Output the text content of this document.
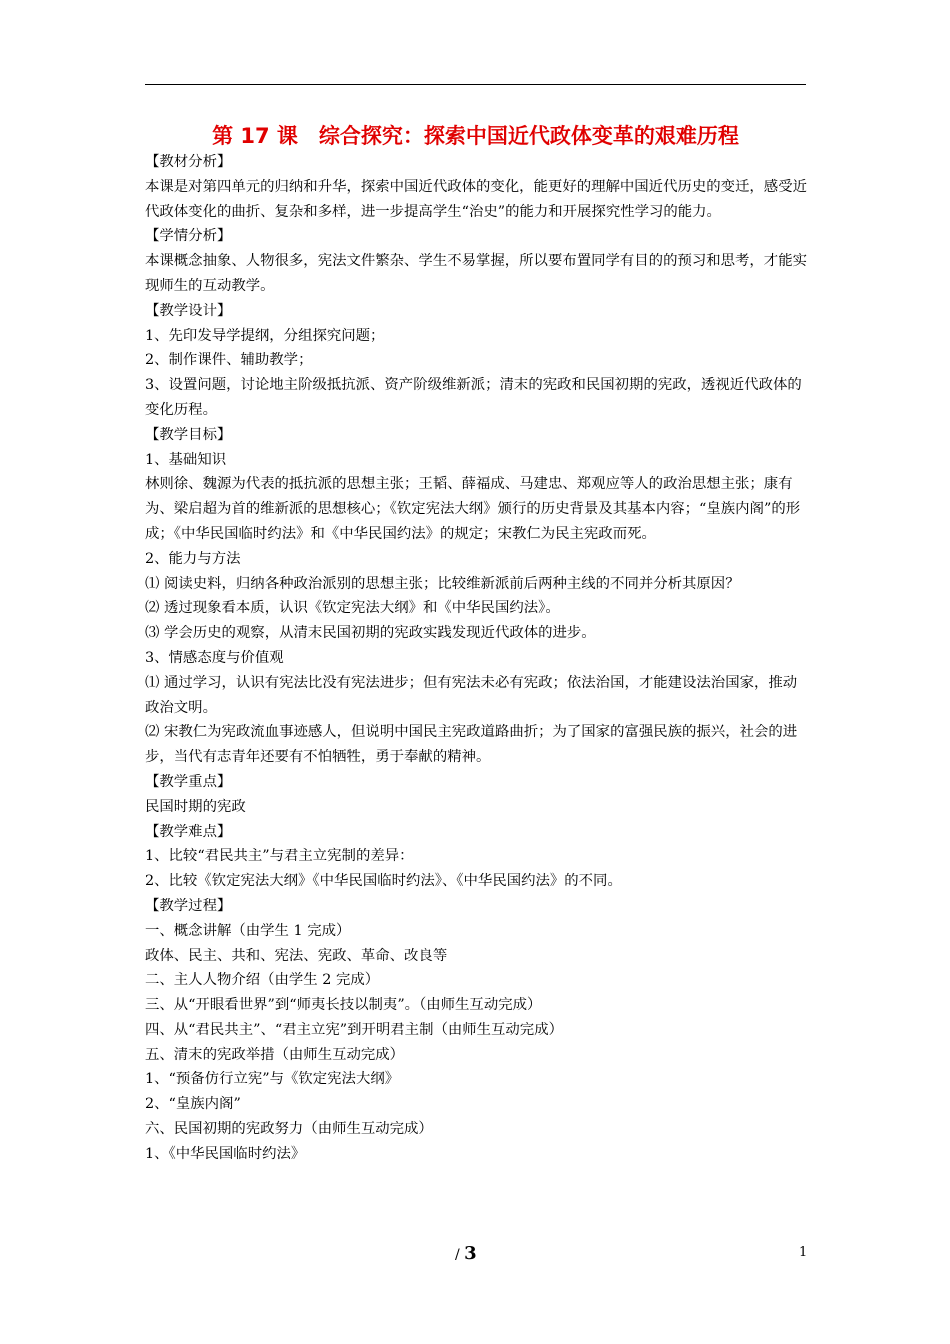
第 17 课　综合探究：探索中国近代政体变革的艰难历程

【教材分析】

本课是对第四单元的归纳和升华，探索中国近代政体的变化，能更好的理解中国近代历史的变迁，感受近代政体变化的曲折、复杂和多样，进一步提高学生“治史”的能力和开展探究性学习的能力。

【学情分析】

本课概念抽象、人物很多，宪法文件繁杂、学生不易掌握，所以要布置同学有目的的预习和思考，才能实现师生的互动教学。

【教学设计】

1、先印发导学提纲，分组探究问题；

2、制作课件、辅助教学；

3、设置问题，讨论地主阶级抵抗派、资产阶级维新派；清末的宪政和民国初期的宪政，透视近代政体的变化历程。

【教学目标】

1、基础知识

林则徐、魏源为代表的抵抗派的思想主张；王韬、薛福成、马建忠、郑观应等人的政治思想主张；康有为、梁启超为首的维新派的思想核心；《钦定宪法大纲》颁行的历史背景及其基本内容；“皇族内阁”的形成；《中华民国临时约法》和《中华民国约法》的规定；宋教仁为民主宪政而死。

2、能力与方法

⑴ 阅读史料，归纳各种政治派别的思想主张；比较维新派前后两种主线的不同并分析其原因？

⑵ 透过现象看本质，认识《钦定宪法大纲》和《中华民国约法》。

⑶ 学会历史的观察，从清末民国初期的宪政实践发现近代政体的进步。

3、情感态度与价值观

⑴ 通过学习，认识有宪法比没有宪法进步；但有宪法未必有宪政；依法治国，才能建设法治国家，推动政治文明。

⑵ 宋教仁为宪政流血事迹感人，但说明中国民主宪政道路曲折；为了国家的富强民族的振兴，社会的进步，当代有志青年还要有不怕牺牲，勇于奉献的精神。

【教学重点】

民国时期的宪政

【教学难点】

1、比较“君民共主”与君主立宪制的差异：

2、比较《钦定宪法大纲》《中华民国临时约法》、《中华民国约法》的不同。

【教学过程】

一、概念讲解（由学生 1 完成）

政体、民主、共和、宪法、宪政、革命、改良等

二、主人人物介绍（由学生 2 完成）

三、从“开眼看世界”到“师夷长技以制夷”。（由师生互动完成）

四、从“君民共主”、“君主立宪”到开明君主制（由师生互动完成）

五、清末的宪政举措（由师生互动完成）

1、“预备仿行立宪”与《钦定宪法大纲》

2、“皇族内阁”

六、民国初期的宪政努力（由师生互动完成）

1、《中华民国临时约法》

/ 3	1
